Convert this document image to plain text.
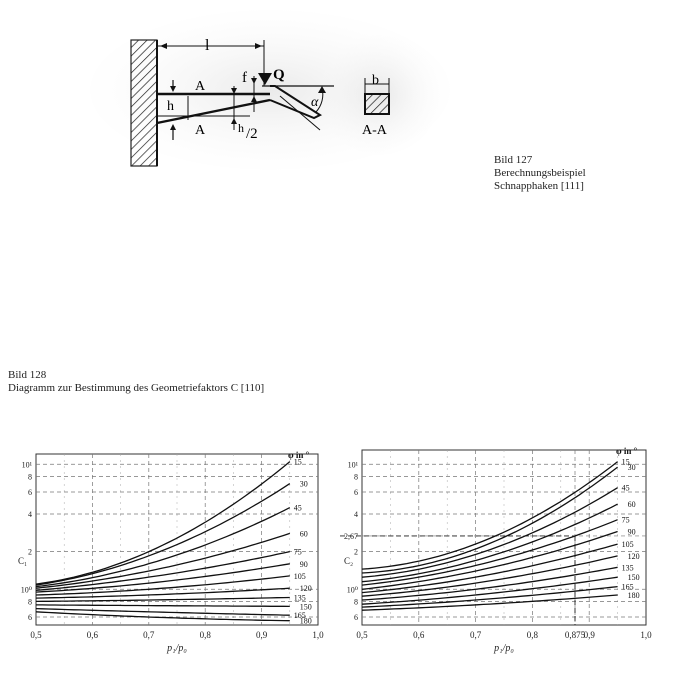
l
f Q
A
A
h
h /2
α
b
A-A
Bild 127
Berechnungsbeispiel
Schnapphaken [111]
Bild 128
Diagramm zur Bestimmung des Geometriefaktors C [110]
0,5	0,6	0,7	0,8	0,9	1,0
10¹
8
6
4
2
10⁰
8
6
C₁
p₁/p₀
φ in °
15
30
45
60
75
90
105
120
135
150
165
180
0,5	0,6	0,7	0,8	0,875
0,9	1,0
10¹
8
6
4
2,67
2
10⁰
8
6
C₂
p₁/p₀
φ in °
15
30
45
60
75
90
105
120
135
150
165
180
